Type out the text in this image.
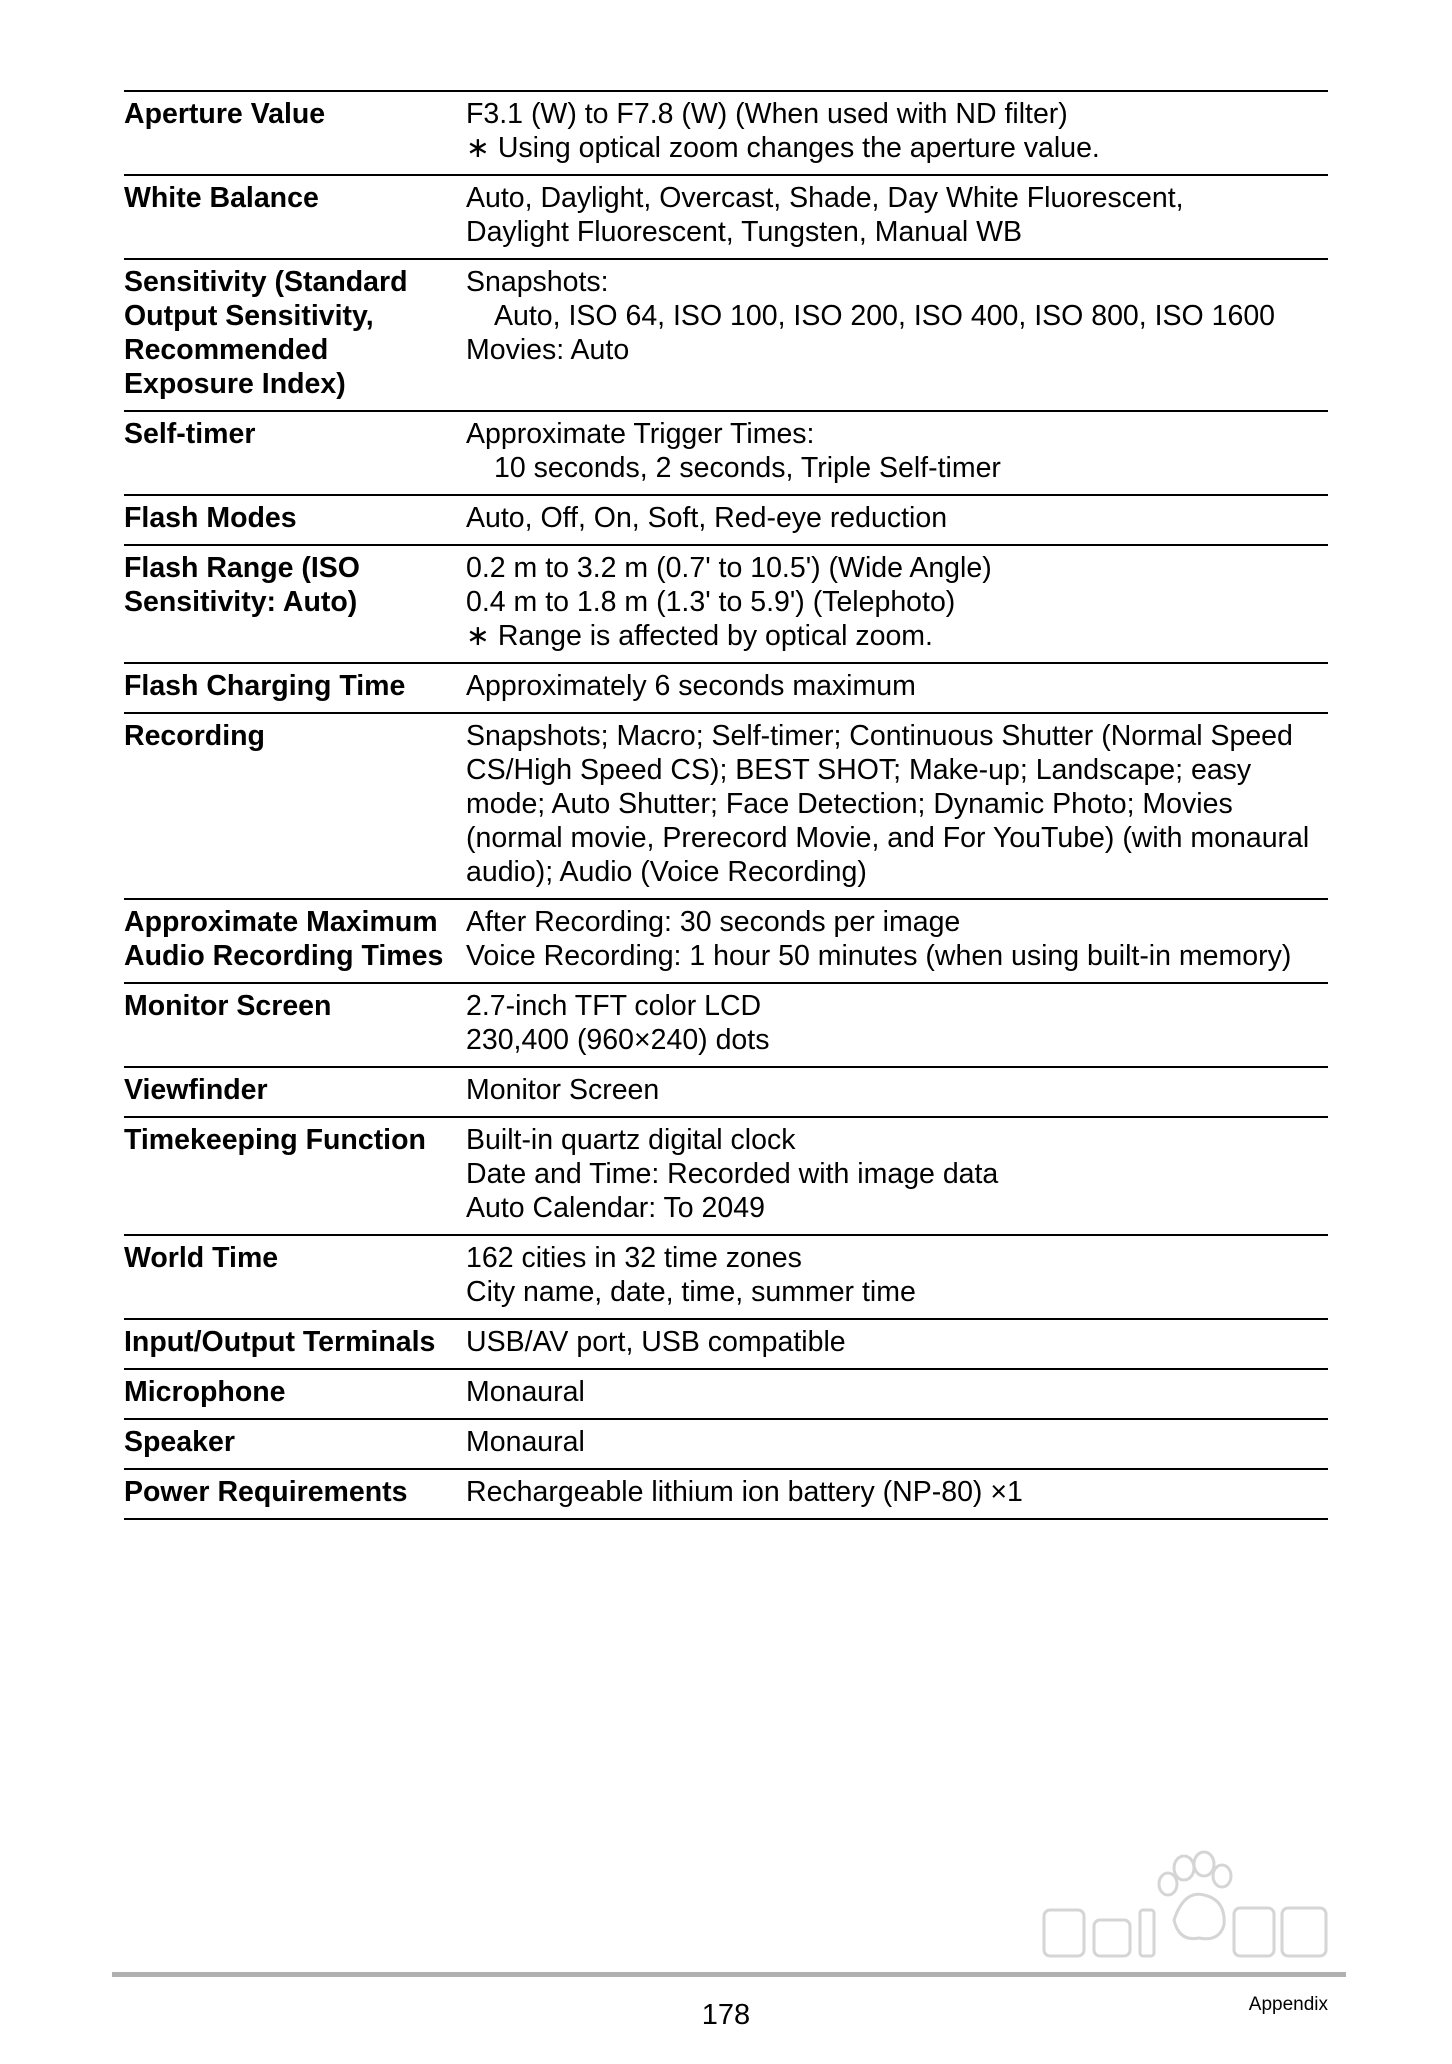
Aperture Value	F3.1 (W) to F7.8 (W) (When used with ND filter)
∗ Using optical zoom changes the aperture value.

White Balance	Auto, Daylight, Overcast, Shade, Day White Fluorescent,
Daylight Fluorescent, Tungsten, Manual WB

Sensitivity (Standard Output Sensitivity, Recommended Exposure Index)	Snapshots:
Auto, ISO 64, ISO 100, ISO 200, ISO 400, ISO 800, ISO 1600
Movies: Auto

Self-timer	Approximate Trigger Times:
10 seconds, 2 seconds, Triple Self-timer

Flash Modes	Auto, Off, On, Soft, Red-eye reduction

Flash Range (ISO Sensitivity: Auto)	0.2 m to 3.2 m (0.7' to 10.5') (Wide Angle)
0.4 m to 1.8 m (1.3' to 5.9') (Telephoto)
∗ Range is affected by optical zoom.

Flash Charging Time	Approximately 6 seconds maximum

Recording	Snapshots; Macro; Self-timer; Continuous Shutter (Normal Speed CS/High Speed CS); BEST SHOT; Make-up; Landscape; easy mode; Auto Shutter; Face Detection; Dynamic Photo; Movies (normal movie, Prerecord Movie, and For YouTube) (with monaural audio); Audio (Voice Recording)

Approximate Maximum Audio Recording Times	After Recording: 30 seconds per image
Voice Recording: 1 hour 50 minutes (when using built-in memory)

Monitor Screen	2.7-inch TFT color LCD
230,400 (960×240) dots

Viewfinder	Monitor Screen

Timekeeping Function	Built-in quartz digital clock
Date and Time: Recorded with image data
Auto Calendar: To 2049

World Time	162 cities in 32 time zones
City name, date, time, summer time

Input/Output Terminals	USB/AV port, USB compatible

Microphone	Monaural

Speaker	Monaural

Power Requirements	Rechargeable lithium ion battery (NP-80) ×1
178	Appendix
